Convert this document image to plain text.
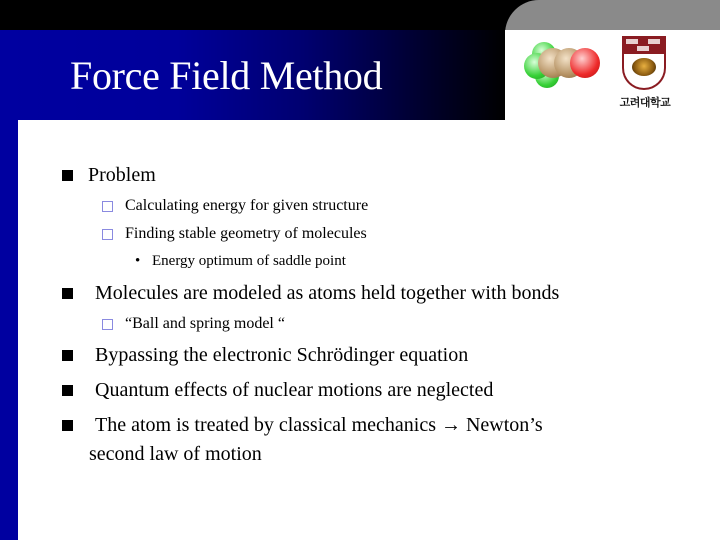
Force Field Method
고려대학교
Problem
Calculating energy for given structure
Finding stable geometry of molecules
• Energy optimum of saddle point
Molecules are modeled as atoms held together with bonds
“Ball and spring model “
Bypassing the electronic Schrödinger equation
Quantum effects of nuclear motions are neglected
The atom is treated by classical mechanics → Newton’s
second law of motion
